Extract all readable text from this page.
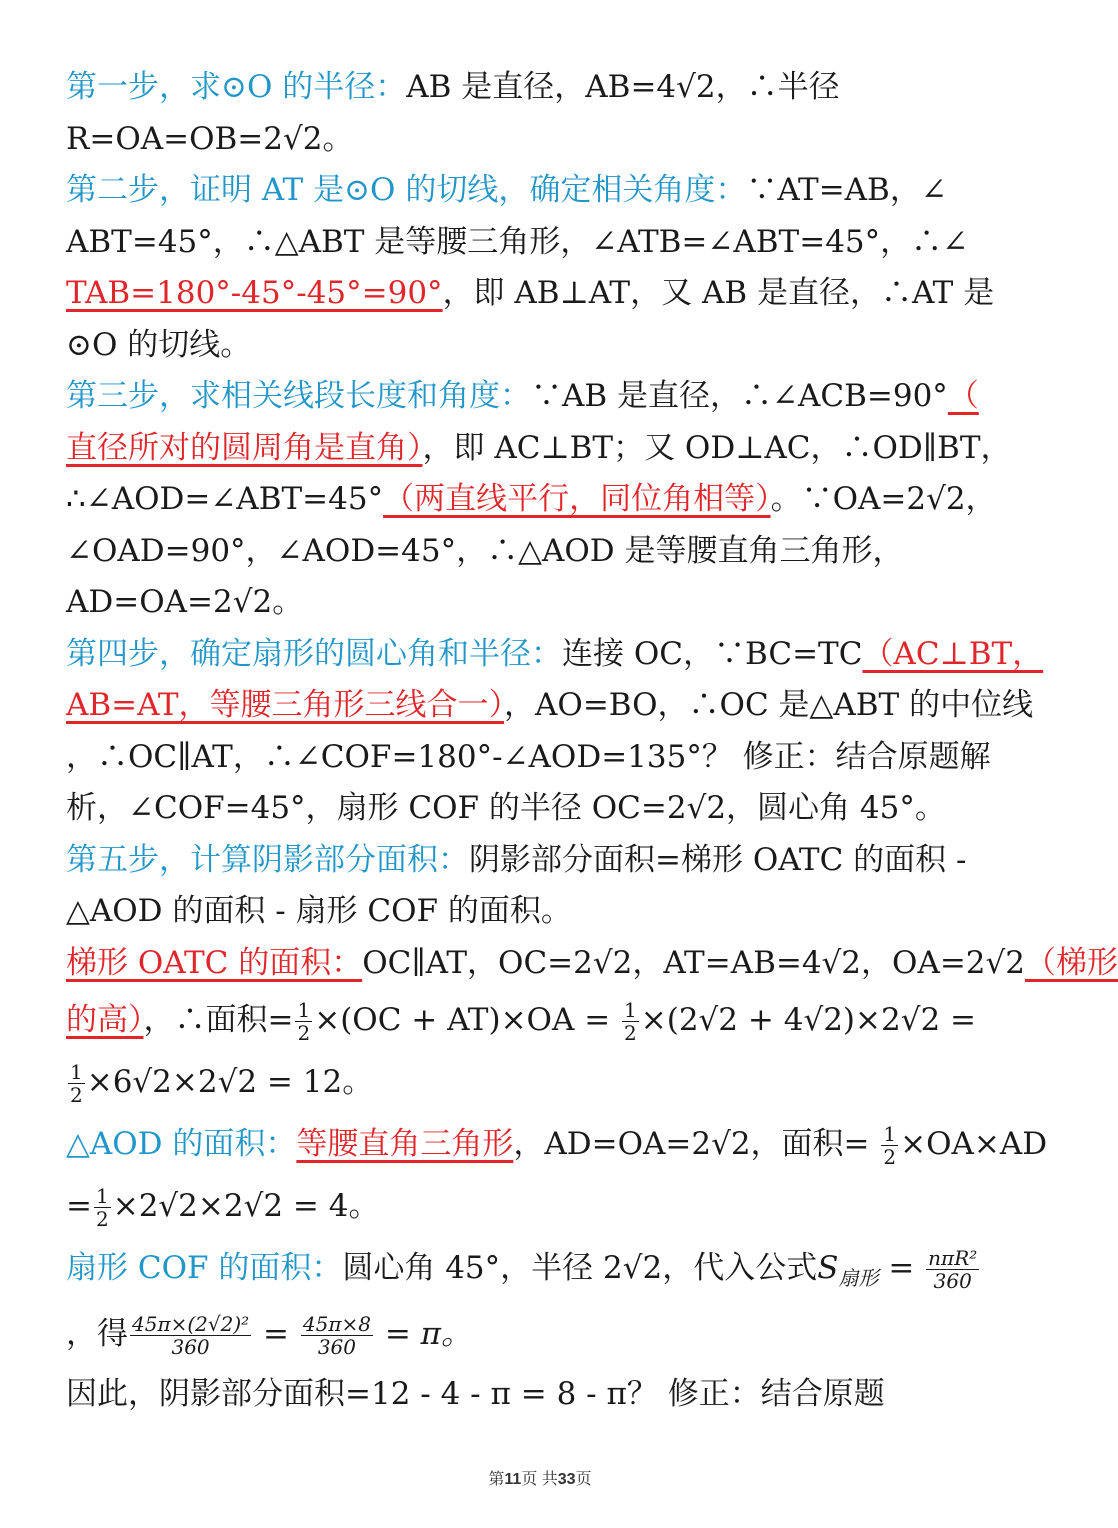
第一步，求⊙O 的半径：AB 是直径，AB=4√2，∴半径
R=OA=OB=2√2。
第二步，证明 AT 是⊙O 的切线，确定相关角度：∵AT=AB，∠
ABT=45°，∴△ABT 是等腰三角形，∠ATB=∠ABT=45°，∴∠
TAB=180°-45°-45°=90°，即 AB⊥AT，又 AB 是直径，∴AT 是
⊙O 的切线。
第三步，求相关线段长度和角度：∵AB 是直径，∴∠ACB=90°（
直径所对的圆周角是直角），即 AC⊥BT；又 OD⊥AC，∴OD∥BT，
∴∠AOD=∠ABT=45°（两直线平行，同位角相等）。∵OA=2√2，
∠OAD=90°，∠AOD=45°，∴△AOD 是等腰直角三角形，
AD=OA=2√2。
第四步，确定扇形的圆心角和半径：连接 OC，∵BC=TC（AC⊥BT，
AB=AT，等腰三角形三线合一），AO=BO，∴OC 是△ABT 的中位线
，∴OC∥AT，∴∠COF=180°-∠AOD=135°？ 修正：结合原题解
析，∠COF=45°，扇形 COF 的半径 OC=2√2，圆心角 45°。
第五步，计算阴影部分面积：阴影部分面积=梯形 OATC 的面积 -
△AOD 的面积 - 扇形 COF 的面积。
梯形 OATC 的面积：OC∥AT，OC=2√2，AT=AB=4√2，OA=2√2（梯形
的高），∴面积= $\frac{1}{2} \times(OC + AT)\times OA = \frac{1}{2} \times(2√2 + 4√2)\times 2√2$ =
$\frac{1}{2} \times 6√2\times 2√2 = 12$。
△AOD 的面积：等腰直角三角形，AD=OA=2√2，面积= $\frac{1}{2} \times OA\times AD$
= $\frac{1}{2} \times 2√2\times 2√2 = 4$。
扇形 COF 的面积：圆心角 45°，半径 2√2，代入公式$S_{扇形} = \frac{\text{nπR²}}{360}$
，得 $\frac{\text{45π×(2√2)²}}{360} = \frac{45\pi\times 8}{360} = \pi$。
因此，阴影部分面积=12 - 4 - π = 8 - π？ 修正：结合原题
第11页 共33页
